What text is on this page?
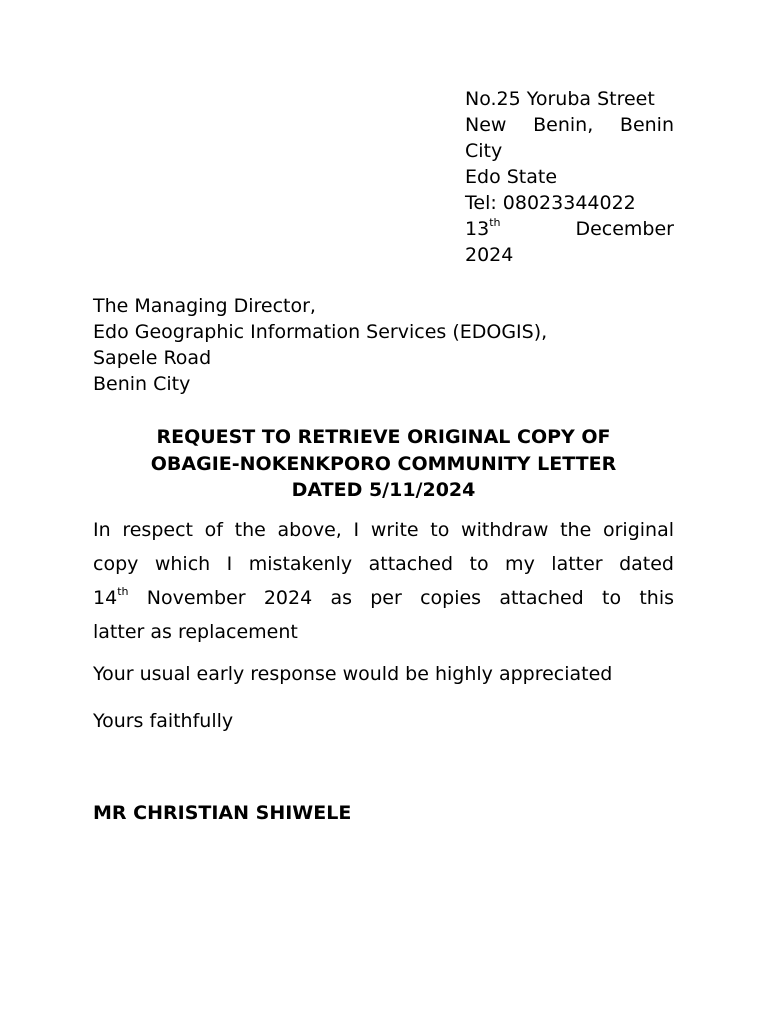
No.25 Yoruba Street
New Benin, Benin
City
Edo State
Tel: 08023344022
13th	December
2024
The Managing Director,
Edo Geographic Information Services (EDOGIS),
Sapele Road
Benin City
REQUEST TO RETRIEVE ORIGINAL COPY OF
OBAGIE-NOKENKPORO COMMUNITY LETTER
DATED 5/11/2024
In respect of the above, I write to withdraw the original
copy which I mistakenly attached to my latter dated
14th November 2024 as per copies attached to this
latter as replacement
Your usual early response would be highly appreciated
Yours faithfully
MR CHRISTIAN SHIWELE
